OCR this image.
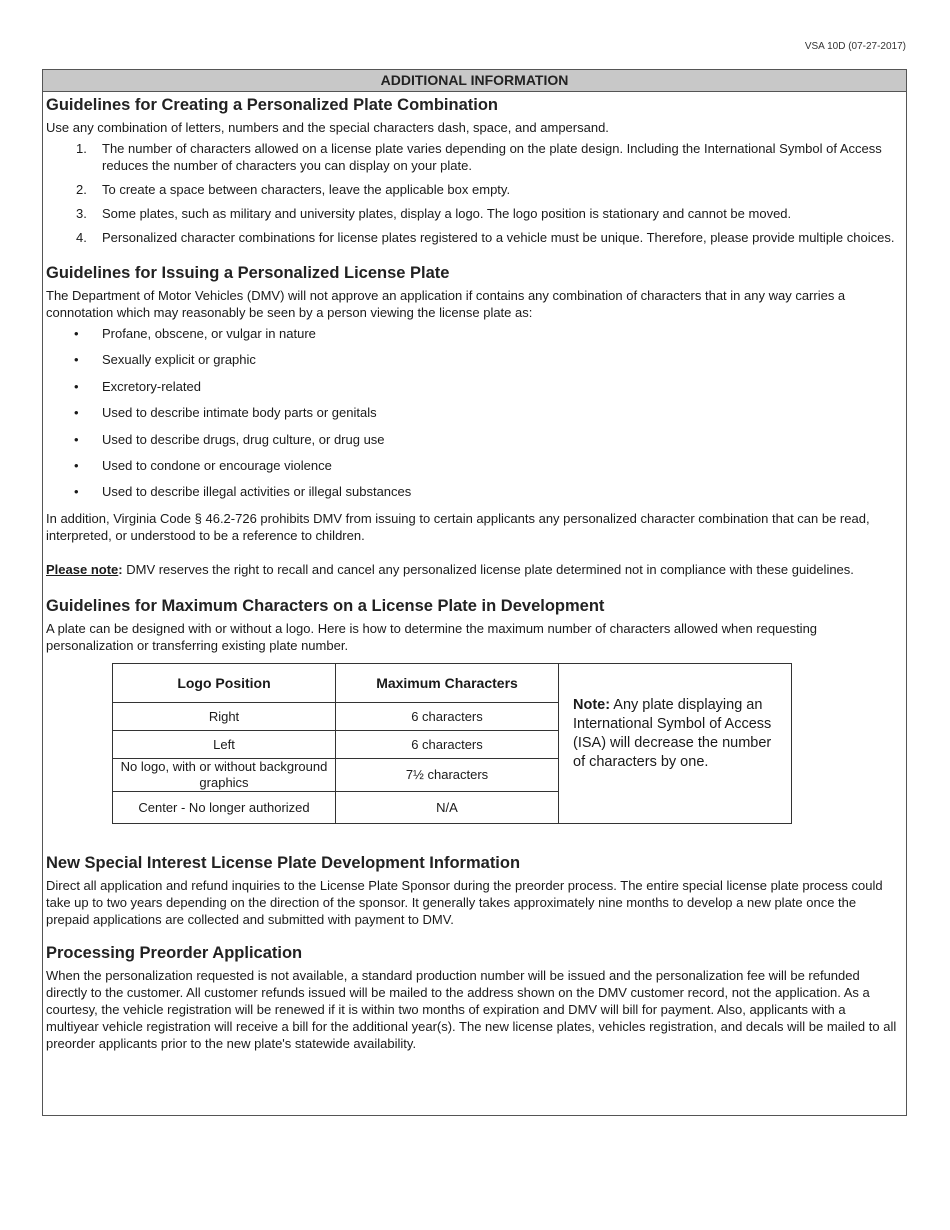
VSA 10D (07-27-2017)
ADDITIONAL INFORMATION
Guidelines for Creating a Personalized Plate Combination

Use any combination of letters, numbers and the special characters dash, space, and ampersand.

1.	The number of characters allowed on a license plate varies depending on the plate design. Including the International Symbol of Access reduces the number of characters you can display on your plate.
2.	To create a space between characters, leave the applicable box empty.
3.	Some plates, such as military and university plates, display a logo. The logo position is stationary and cannot be moved.
4.	Personalized character combinations for license plates registered to a vehicle must be unique. Therefore, please provide multiple choices.
Guidelines for Issuing a Personalized License Plate

The Department of Motor Vehicles (DMV) will not approve an application if contains any combination of characters that in any way carries a connotation which may reasonably be seen by a person viewing the license plate as:

•	Profane, obscene, or vulgar in nature
•	Sexually explicit or graphic
•	Excretory-related
•	Used to describe intimate body parts or genitals
•	Used to describe drugs, drug culture, or drug use
•	Used to condone or encourage violence
•	Used to describe illegal activities or illegal substances

In addition, Virginia Code § 46.2-726 prohibits DMV from issuing to certain applicants any personalized character combination that can be read, interpreted, or understood to be a reference to children.

Please note: DMV reserves the right to recall and cancel any personalized license plate determined not in compliance with these guidelines.

Guidelines for Maximum Characters on a License Plate in Development

A plate can be designed with or without a logo. Here is how to determine the maximum number of characters allowed when requesting personalization or transferring existing plate number.

Logo Position	Maximum Characters	Note: Any plate displaying an International Symbol of Access (ISA) will decrease the number of characters by one.
Right	6 characters	
Left	6 characters	
No logo, with or without background graphics	7½ characters	
Center - No longer authorized	N/A	
New Special Interest License Plate Development Information

Direct all application and refund inquiries to the License Plate Sponsor during the preorder process. The entire special license plate process could take up to two years depending on the direction of the sponsor. It generally takes approximately nine months to develop a new plate once the prepaid applications are collected and submitted with payment to DMV.

Processing Preorder Application

When the personalization requested is not available, a standard production number will be issued and the personalization fee will be refunded directly to the customer. All customer refunds issued will be mailed to the address shown on the DMV customer record, not the application. As a courtesy, the vehicle registration will be renewed if it is within two months of expiration and DMV will bill for payment. Also, applicants with a multiyear vehicle registration will receive a bill for the additional year(s). The new license plates, vehicles registration, and decals will be mailed to all preorder applicants prior to the new plate's statewide availability.
